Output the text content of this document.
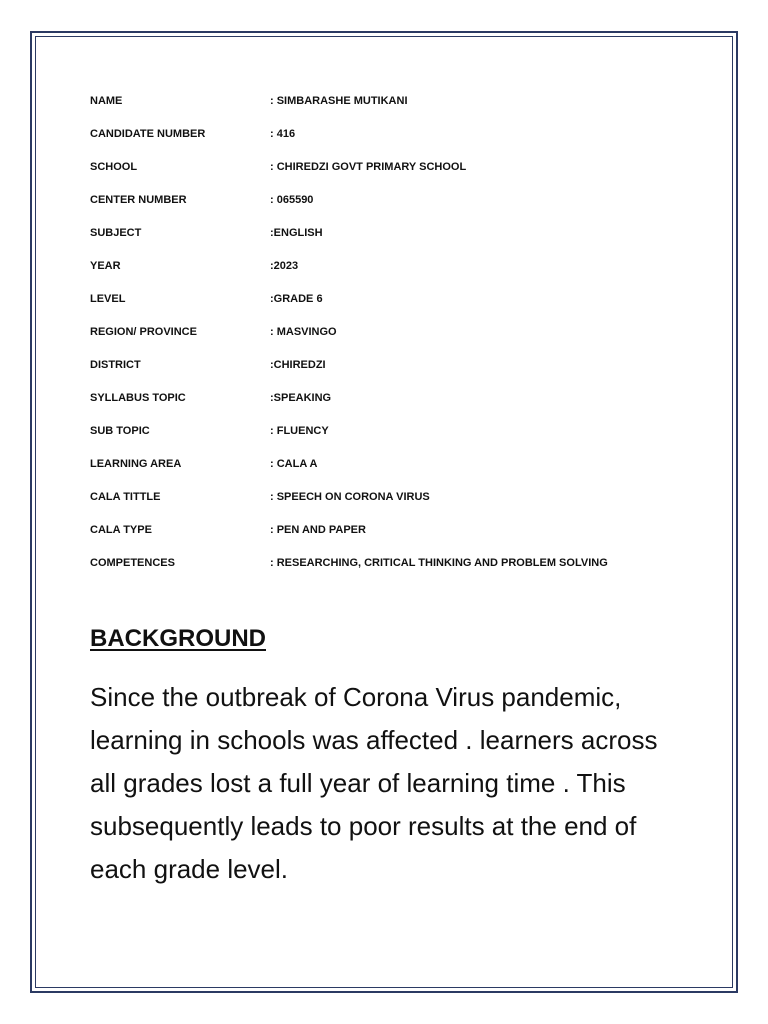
NAME	: SIMBARASHE MUTIKANI
CANDIDATE NUMBER	: 416
SCHOOL	: CHIREDZI GOVT PRIMARY SCHOOL
CENTER NUMBER	: 065590
SUBJECT	:ENGLISH
YEAR	:2023
LEVEL	:GRADE 6
REGION/ PROVINCE	: MASVINGO
DISTRICT	:CHIREDZI
SYLLABUS TOPIC	:SPEAKING
SUB TOPIC	: FLUENCY
LEARNING AREA	: CALA A
CALA TITTLE	: SPEECH ON CORONA VIRUS
CALA TYPE	: PEN AND PAPER
COMPETENCES	: RESEARCHING, CRITICAL THINKING AND PROBLEM SOLVING
BACKGROUND

Since the outbreak of Corona Virus pandemic, learning in schools was affected . learners across all grades lost a full year of learning time . This subsequently leads to poor results at the end of each grade level.
